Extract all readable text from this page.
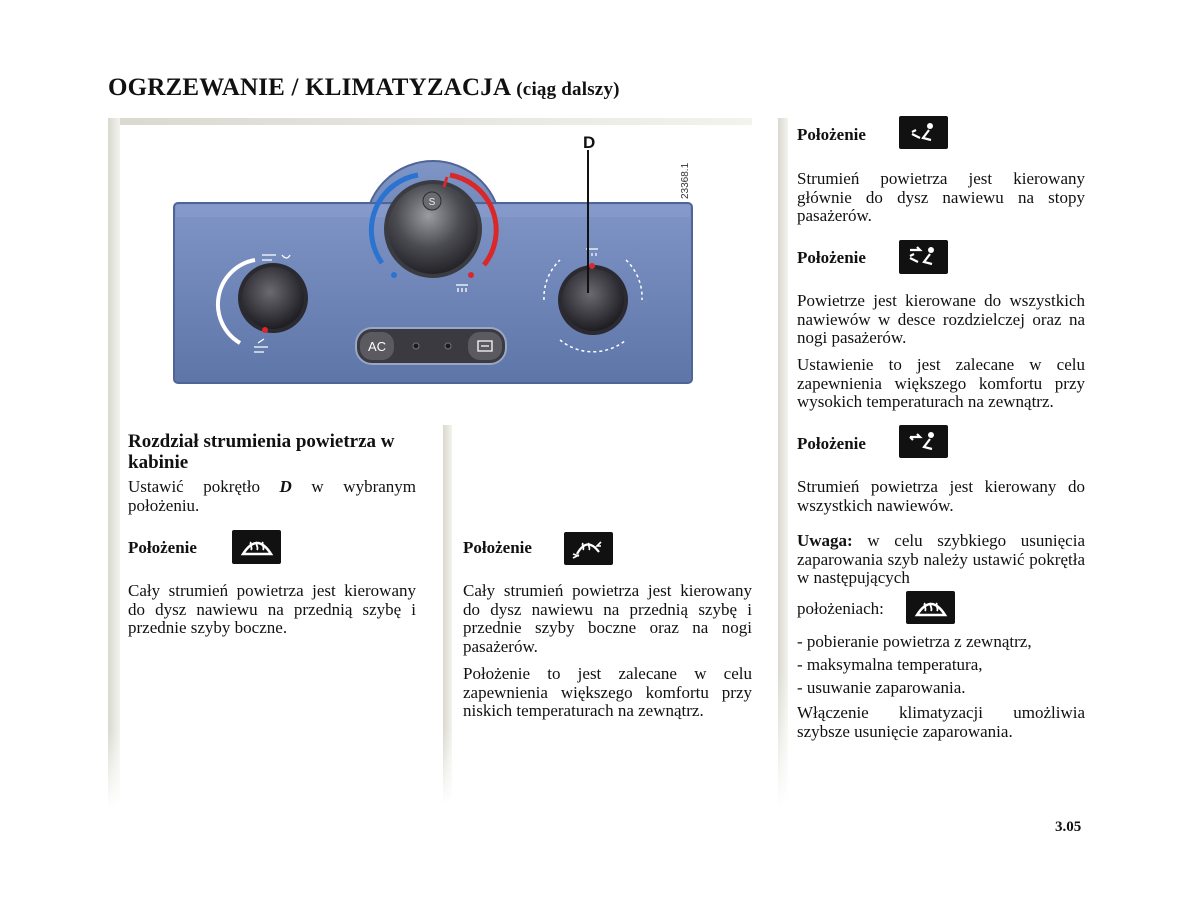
OGRZEWANIE / KLIMATYZACJA (ciąg dalszy)
S
AC
D
23368.1
Rozdział strumienia powietrza w kabinie
Ustawić pokrętło D w wybranym położeniu.
Położenie
Cały strumień powietrza jest kierowany do dysz nawiewu na przednią szybę i przednie szyby boczne.
Położenie
Cały strumień powietrza jest kierowany do dysz nawiewu na przednią szybę i przednie szyby boczne oraz na nogi pasażerów.
Położenie to jest zalecane w celu zapewnienia większego komfortu przy niskich temperaturach na zewnątrz.
Położenie
Strumień powietrza jest kierowany głównie do dysz nawiewu na stopy pasażerów.
Położenie
Powietrze jest kierowane do wszystkich nawiewów w desce rozdzielczej oraz na nogi pasażerów.
Ustawienie to jest zalecane w celu zapewnienia większego komfortu przy wysokich temperaturach na zewnątrz.
Położenie
Strumień powietrza jest kierowany do wszystkich nawiewów.
Uwaga: w celu szybkiego usunięcia zaparowania szyb należy ustawić pokrętła w następujących
położeniach:
- pobieranie powietrza z zewnątrz,
- maksymalna temperatura,
- usuwanie zaparowania.
Włączenie klimatyzacji umożliwia szybsze usunięcie zaparowania.
3.05
